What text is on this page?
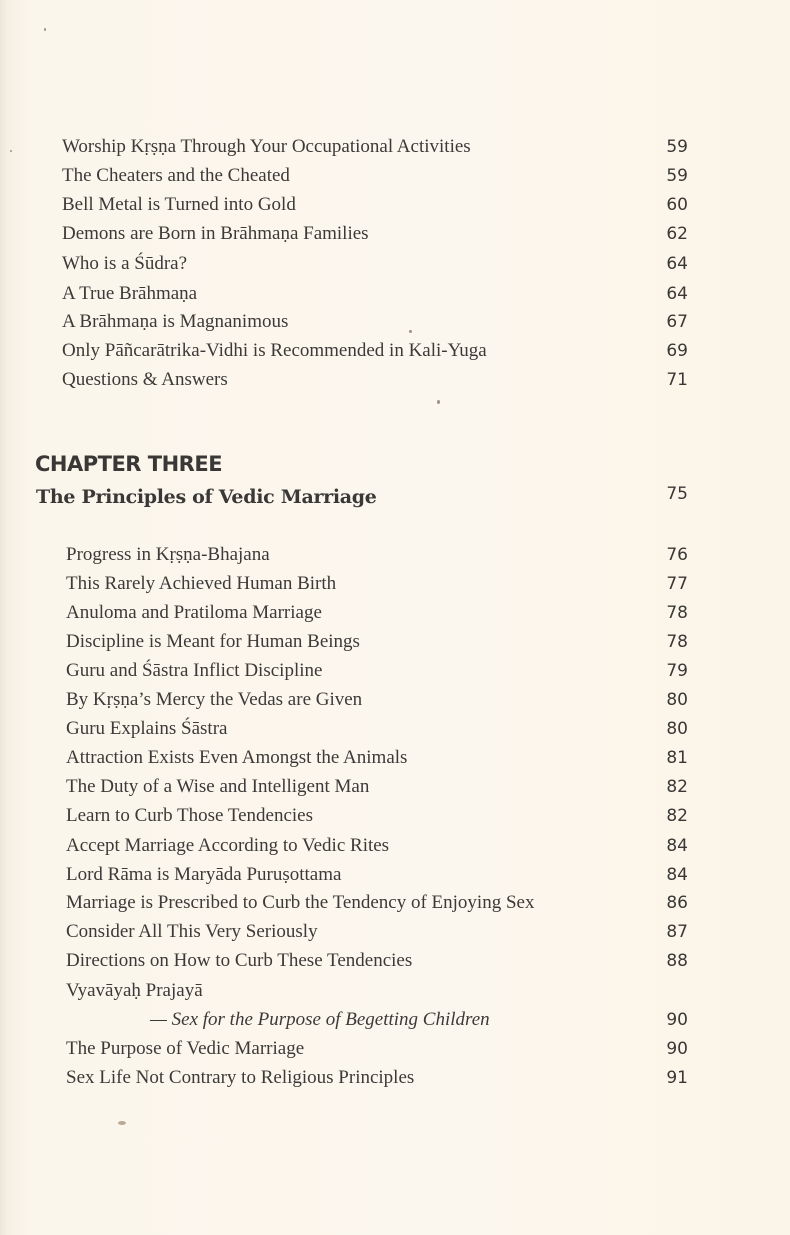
Worship Kṛṣṇa Through Your Occupational Activities	59
The Cheaters and the Cheated	59
Bell Metal is Turned into Gold	60
Demons are Born in Brāhmaṇa Families	62
Who is a Śūdra?	64
A True Brāhmaṇa	64
A Brāhmaṇa is Magnanimous	67
Only Pāñcarātrika-Vidhi is Recommended in Kali-Yuga	69
Questions & Answers	71
CHAPTER THREE
The Principles of Vedic Marriage	75
Progress in Kṛṣṇa-Bhajana	76
This Rarely Achieved Human Birth	77
Anuloma and Pratiloma Marriage	78
Discipline is Meant for Human Beings	78
Guru and Śāstra Inflict Discipline	79
By Kṛṣṇa’s Mercy the Vedas are Given	80
Guru Explains Śāstra	80
Attraction Exists Even Amongst the Animals	81
The Duty of a Wise and Intelligent Man	82
Learn to Curb Those Tendencies	82
Accept Marriage According to Vedic Rites	84
Lord Rāma is Maryāda Puruṣottama	84
Marriage is Prescribed to Curb the Tendency of Enjoying Sex	86
Consider All This Very Seriously	87
Directions on How to Curb These Tendencies	88
Vyavāyaḥ Prajayā
— Sex for the Purpose of Begetting Children	90
The Purpose of Vedic Marriage	90
Sex Life Not Contrary to Religious Principles	91
